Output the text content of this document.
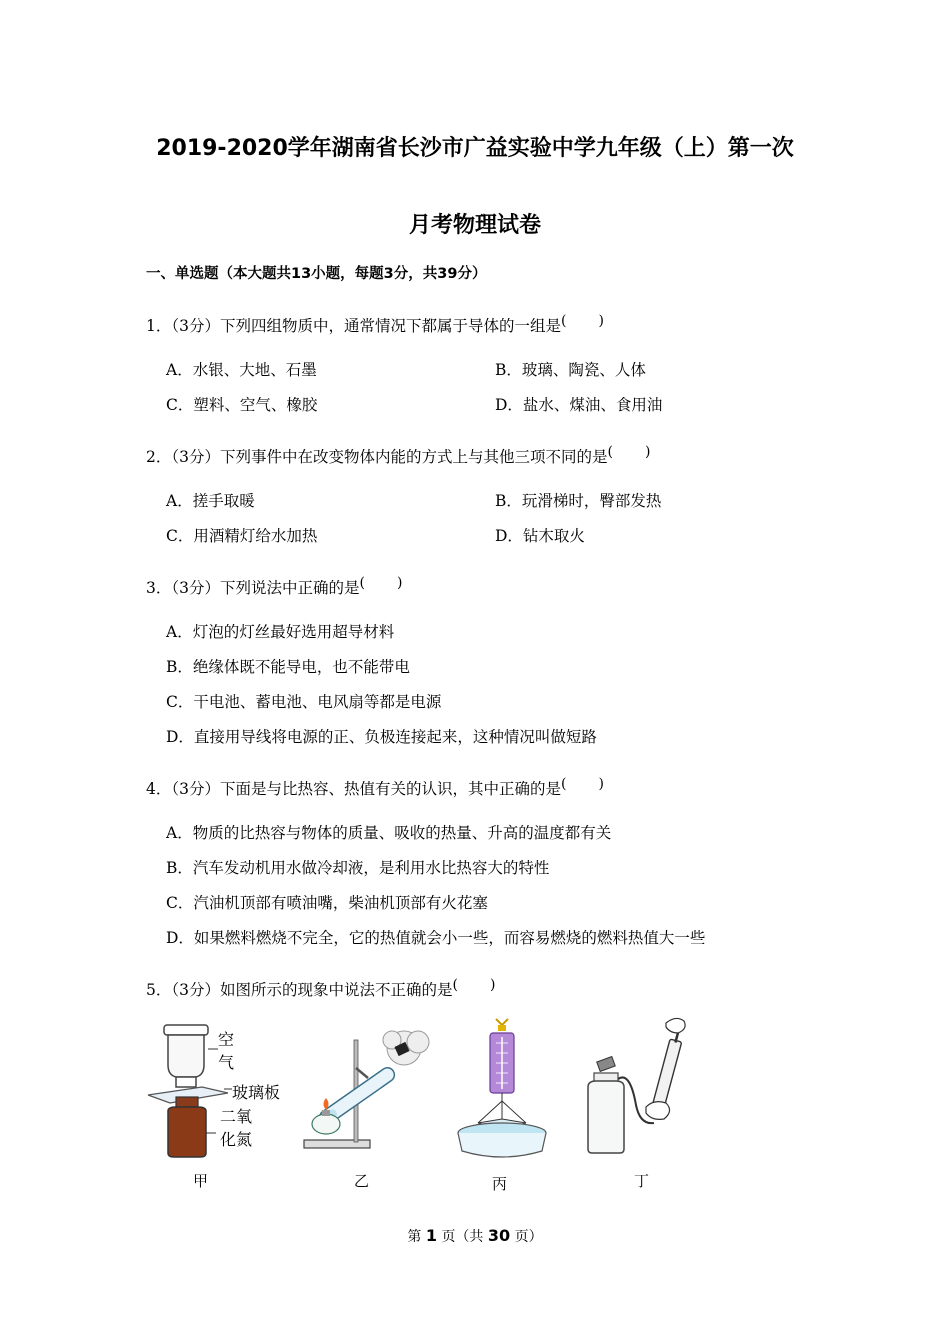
2019-2020学年湖南省长沙市广益实验中学九年级（上）第一次
月考物理试卷
一、单选题（本大题共13小题，每题3分，共39分）
1．（3分）下列四组物质中，通常情况下都属于导体的一组是( )
A．水银、大地、石墨	B．玻璃、陶瓷、人体
C．塑料、空气、橡胶	D．盐水、煤油、食用油
2．（3分）下列事件中在改变物体内能的方式上与其他三项不同的是( )
A．搓手取暖	B．玩滑梯时，臀部发热
C．用酒精灯给水加热	D．钻木取火
3．（3分）下列说法中正确的是( )
A．灯泡的灯丝最好选用超导材料
B．绝缘体既不能导电，也不能带电
C．干电池、蓄电池、电风扇等都是电源
D．直接用导线将电源的正、负极连接起来，这种情况叫做短路
4．（3分）下面是与比热容、热值有关的认识，其中正确的是( )
A．物质的比热容与物体的质量、吸收的热量、升高的温度都有关
B．汽车发动机用水做冷却液，是利用水比热容大的特性
C．汽油机顶部有喷油嘴，柴油机顶部有火花塞
D．如果燃料燃烧不完全，它的热值就会小一些，而容易燃烧的燃料热值大一些
5．（3分）如图所示的现象中说法不正确的是( )
空
气
玻璃板
二氧
化氮
甲	乙	丙	丁
第 1 页（共 30 页）
